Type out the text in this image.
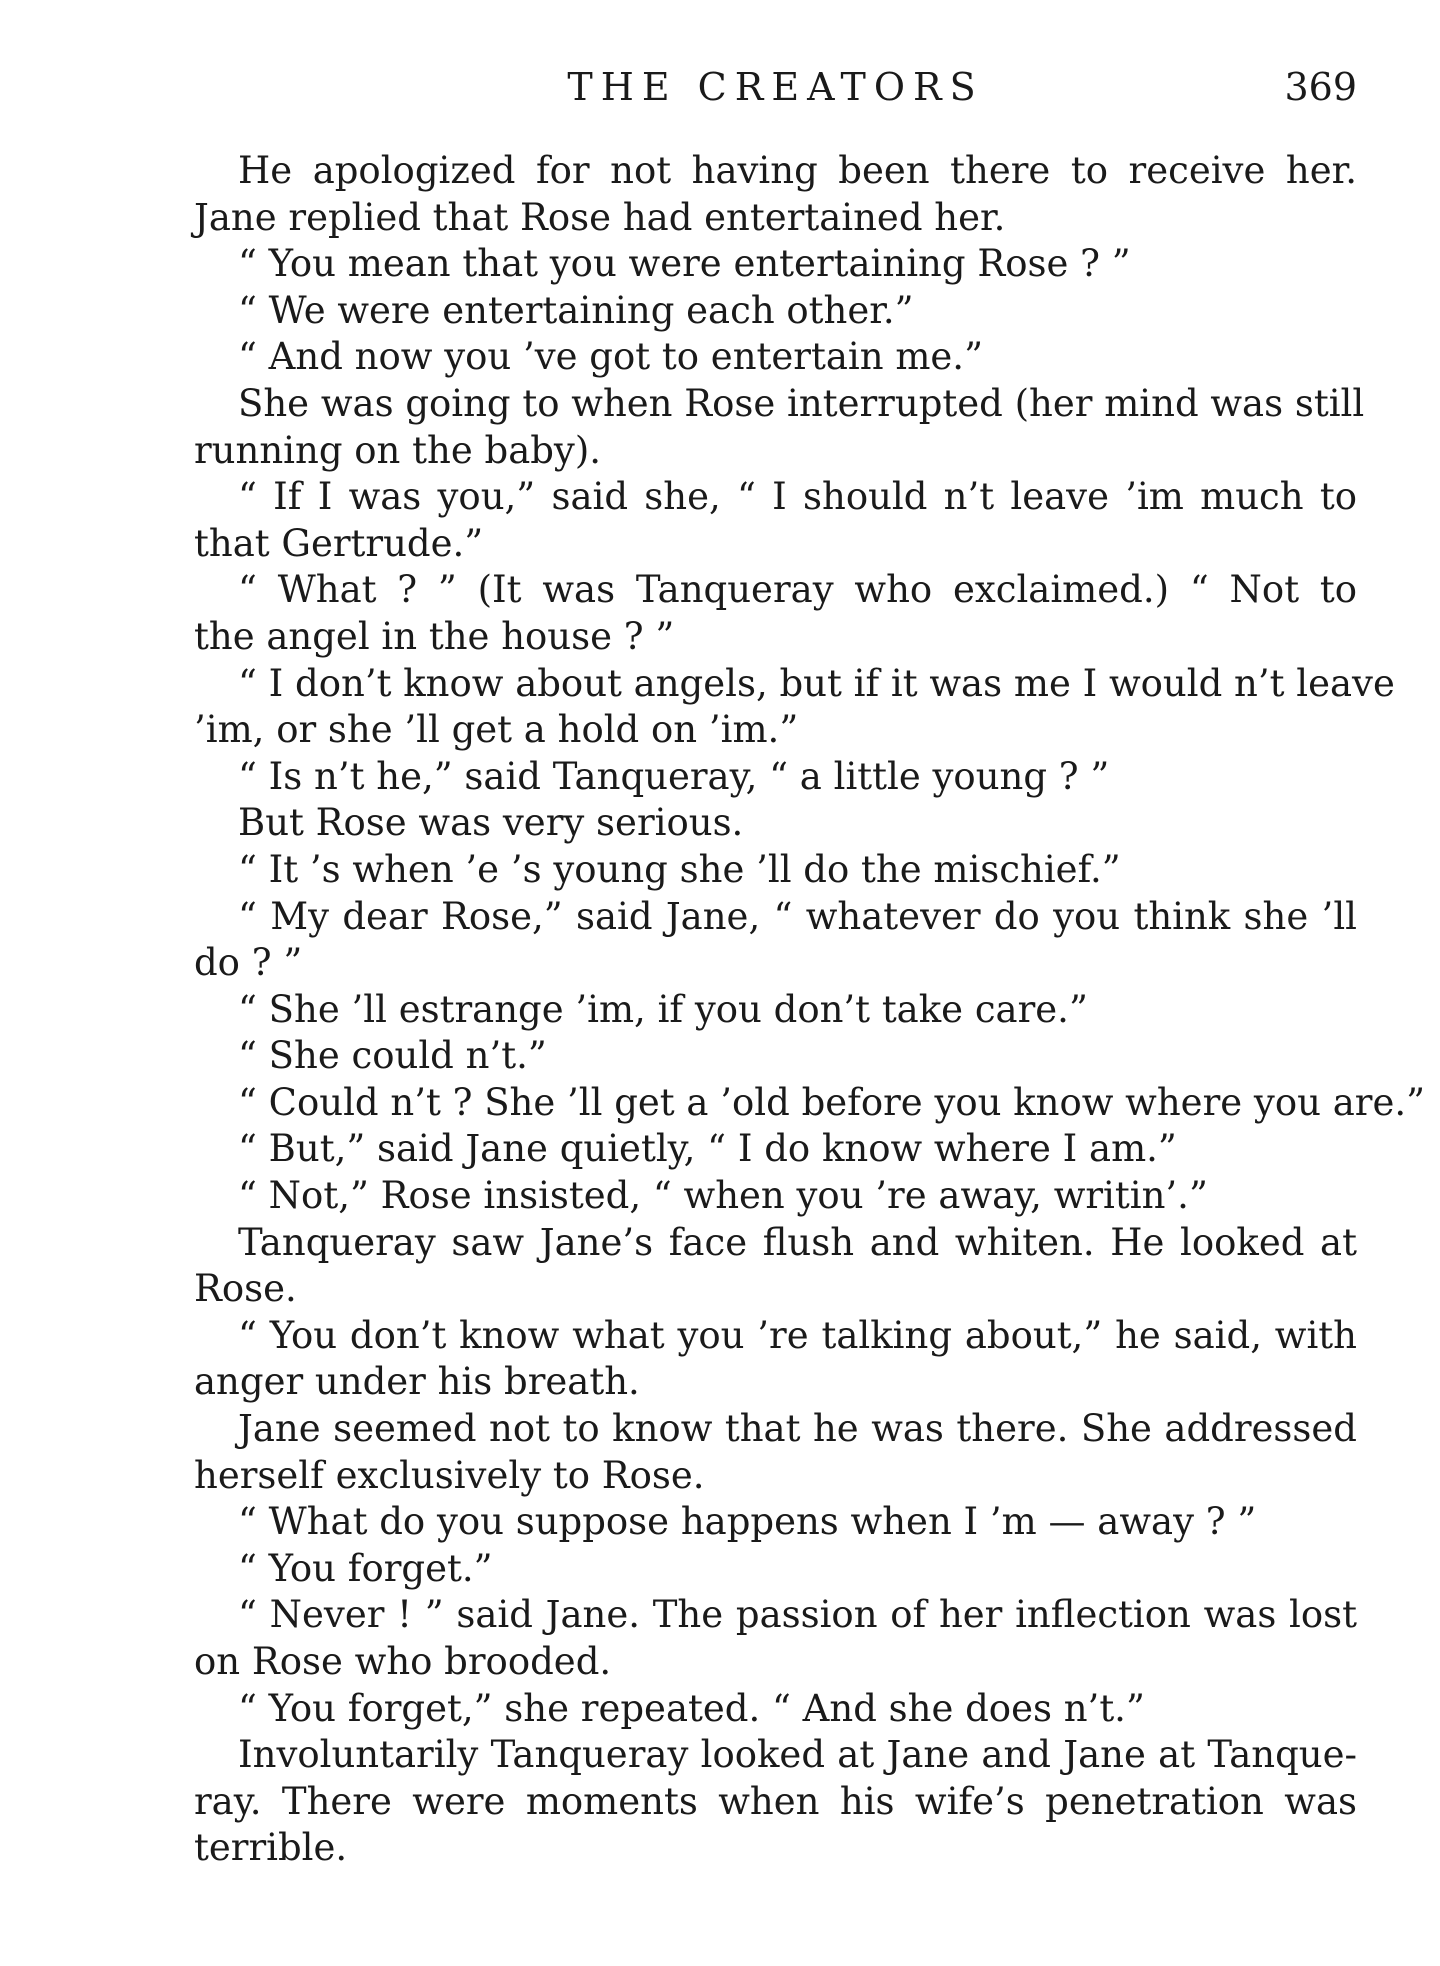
THE CREATORS	369
He apologized for not having been there to receive her.
Jane replied that Rose had entertained her.
“ You mean that you were entertaining Rose ? ”
“ We were entertaining each other.”
“ And now you ’ve got to entertain me.”
She was going to when Rose interrupted (her mind was still
running on the baby).
“ If I was you,” said she, “ I should n’t leave ’im much to
that Gertrude.”
“ What ? ” (It was Tanqueray who exclaimed.) “ Not to
the angel in the house ? ”
“ I don’t know about angels, but if it was me I would n’t leave
’im, or she ’ll get a hold on ’im.”
“ Is n’t he,” said Tanqueray, “ a little young ? ”
But Rose was very serious.
“ It ’s when ’e ’s young she ’ll do the mischief.”
“ My dear Rose,” said Jane, “ whatever do you think she ’ll
do ? ”
“ She ’ll estrange ’im, if you don’t take care.”
“ She could n’t.”
“ Could n’t ? She ’ll get a ’old before you know where you are.”
“ But,” said Jane quietly, “ I do know where I am.”
“ Not,” Rose insisted, “ when you ’re away, writin’.”
Tanqueray saw Jane’s face flush and whiten. He looked at
Rose.
“ You don’t know what you ’re talking about,” he said, with
anger under his breath.
Jane seemed not to know that he was there. She addressed
herself exclusively to Rose.
“ What do you suppose happens when I ’m — away ? ”
“ You forget.”
“ Never ! ” said Jane. The passion of her inflection was lost
on Rose who brooded.
“ You forget,” she repeated. “ And she does n’t.”
Involuntarily Tanqueray looked at Jane and Jane at Tanque-
ray. There were moments when his wife’s penetration was
terrible.
